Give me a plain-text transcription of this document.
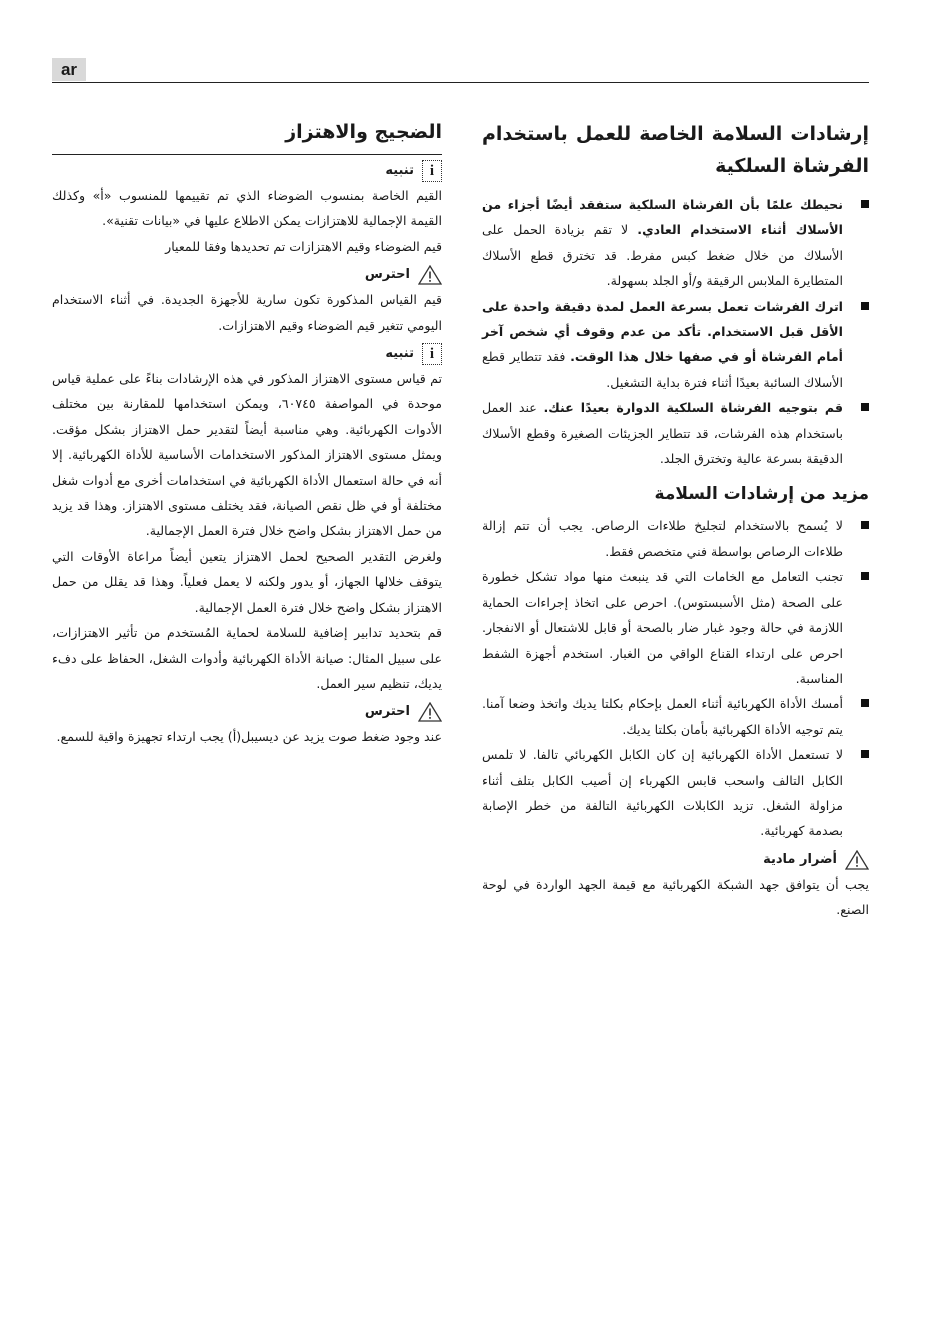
ar
إرشادات السلامة الخاصة للعمل باستخدام الفرشاة السلكية
نحيطك علمًا بأن الفرشاة السلكية ستفقد أيضًا أجزاء من الأسلاك أثناء الاستخدام العادي. لا تقم بزيادة الحمل على الأسلاك من خلال ضغط كبس مفرط. قد تخترق قطع الأسلاك المتطايرة الملابس الرقيقة و/أو الجلد بسهولة.
اترك الفرشات تعمل بسرعة العمل لمدة دقيقة واحدة على الأقل قبل الاستخدام. تأكد من عدم وقوف أي شخص آخر أمام الفرشاة أو في صفها خلال هذا الوقت. فقد تتطاير قطع الأسلاك السائبة بعيدًا أثناء فترة بداية التشغيل.
قم بتوجيه الفرشاة السلكية الدوارة بعيدًا عنك. عند العمل باستخدام هذه الفرشات، قد تتطاير الجزيئات الصغيرة وقطع الأسلاك الدقيقة بسرعة عالية وتخترق الجلد.
مزيد من إرشادات السلامة
لا يُسمح بالاستخدام لتجليخ طلاءات الرصاص. يجب أن تتم إزالة طلاءات الرصاص بواسطة فني متخصص فقط.
تجنب التعامل مع الخامات التي قد ينبعث منها مواد تشكل خطورة على الصحة (مثل الأسبستوس). احرص على اتخاذ إجراءات الحماية اللازمة في حالة وجود غبار ضار بالصحة أو قابل للاشتعال أو الانفجار. احرص على ارتداء القناع الواقي من الغبار. استخدم أجهزة الشفط المناسبة.
أمسك الأداة الكهربائية أثناء العمل بإحكام بكلتا يديك واتخذ وضعا آمنا. يتم توجيه الأداة الكهربائية بأمان بكلتا يديك.
لا تستعمل الأداة الكهربائية إن كان الكابل الكهربائي تالفا. لا تلمس الكابل التالف واسحب قابس الكهرباء إن أصيب الكابل بتلف أثناء مزاولة الشغل. تزيد الكابلات الكهربائية التالفة من خطر الإصابة بصدمة كهربائية.
أضرار مادية

يجب أن يتوافق جهد الشبكة الكهربائية مع قيمة الجهد الواردة في لوحة الصنع.

الضجيج والاهتزاز
i
تنبيه

القيم الخاصة بمنسوب الضوضاء الذي تم تقييمها للمنسوب «أ» وكذلك القيمة الإجمالية للاهتزازات يمكن الاطلاع عليها في «بيانات تقنية».

قيم الضوضاء وقيم الاهتزازات تم تحديدها وفقا للمعيار

احترس

قيم القياس المذكورة تكون سارية للأجهزة الجديدة. في أثناء الاستخدام اليومي تتغير قيم الضوضاء وقيم الاهتزازات.

i
تنبيه

تم قياس مستوى الاهتزاز المذكور في هذه الإرشادات بناءً على عملية قياس موحدة في المواصفة ٦٠٧٤٥، ويمكن استخدامها للمقارنة بين مختلف الأدوات الكهربائية. وهي مناسبة أيضاً لتقدير حمل الاهتزاز بشكل مؤقت. ويمثل مستوى الاهتزاز المذكور الاستخدامات الأساسية للأداة الكهربائية. إلا أنه في حالة استعمال الأداة الكهربائية في استخدامات أخرى مع أدوات شغل مختلفة أو في ظل نقص الصيانة، فقد يختلف مستوى الاهتزاز. وهذا قد يزيد من حمل الاهتزاز بشكل واضح خلال فترة العمل الإجمالية.

ولغرض التقدير الصحيح لحمل الاهتزاز يتعين أيضاً مراعاة الأوقات التي يتوقف خلالها الجهاز، أو يدور ولكنه لا يعمل فعلياً. وهذا قد يقلل من حمل الاهتزاز بشكل واضح خلال فترة العمل الإجمالية.

قم بتحديد تدابير إضافية للسلامة لحماية المُستخدم من تأثير الاهتزازات، على سبيل المثال: صيانة الأداة الكهربائية وأدوات الشغل، الحفاظ على دفء يديك، تنظيم سير العمل.

احترس

عند وجود ضغط صوت يزيد عن ديسيبل(أ) يجب ارتداء تجهيزة واقية للسمع.
